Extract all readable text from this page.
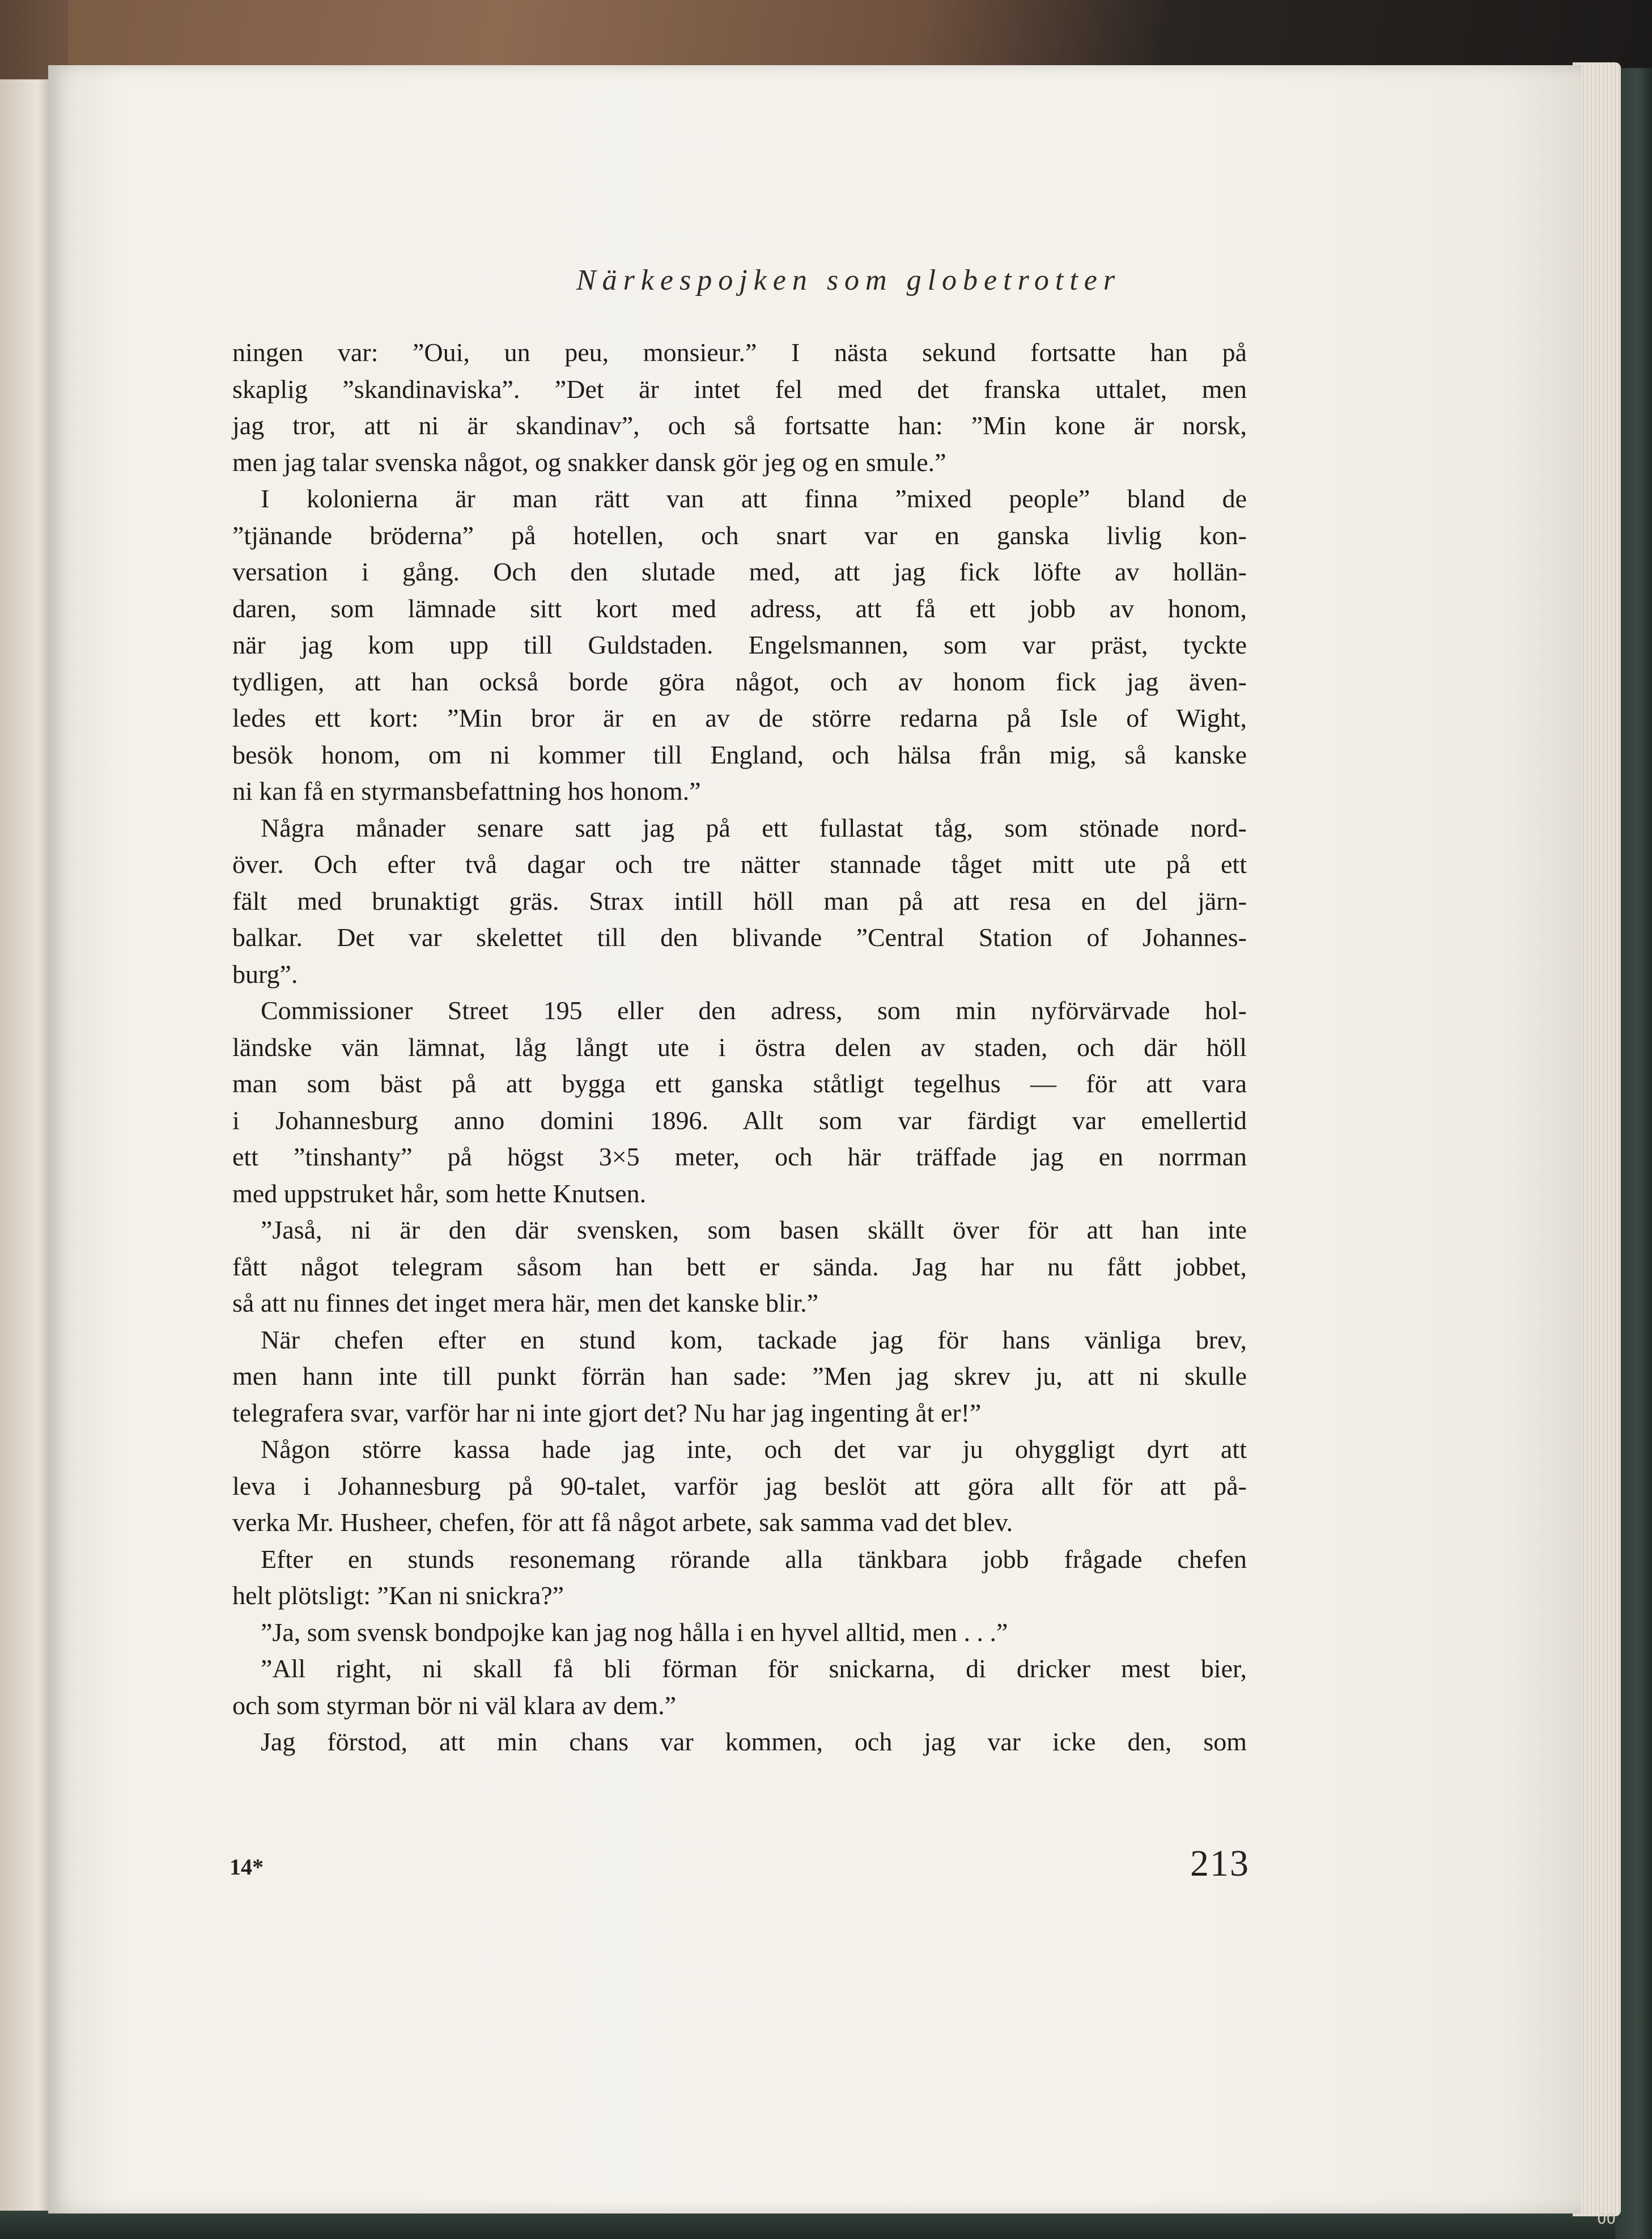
Närkespojken som globetrotter
ningen var: ”Oui, un peu, monsieur.” I nästa sekund fortsatte han på
skaplig ”skandinaviska”. ”Det är intet fel med det franska uttalet, men
jag tror, att ni är skandinav”, och så fortsatte han: ”Min kone är norsk,
men jag talar svenska något, og snakker dansk gör jeg og en smule.”
I kolonierna är man rätt van att finna ”mixed people” bland de
”tjänande bröderna” på hotellen, och snart var en ganska livlig kon-
versation i gång. Och den slutade med, att jag fick löfte av hollän-
daren, som lämnade sitt kort med adress, att få ett jobb av honom,
när jag kom upp till Guldstaden. Engelsmannen, som var präst, tyckte
tydligen, att han också borde göra något, och av honom fick jag även-
ledes ett kort: ”Min bror är en av de större redarna på Isle of Wight,
besök honom, om ni kommer till England, och hälsa från mig, så kanske
ni kan få en styrmansbefattning hos honom.”
Några månader senare satt jag på ett fullastat tåg, som stönade nord-
över. Och efter två dagar och tre nätter stannade tåget mitt ute på ett
fält med brunaktigt gräs. Strax intill höll man på att resa en del järn-
balkar. Det var skelettet till den blivande ”Central Station of Johannes-
burg”.
Commissioner Street 195 eller den adress, som min nyförvärvade hol-
ländske vän lämnat, låg långt ute i östra delen av staden, och där höll
man som bäst på att bygga ett ganska ståtligt tegelhus — för att vara
i Johannesburg anno domini 1896. Allt som var färdigt var emellertid
ett ”tinshanty” på högst 3×5 meter, och här träffade jag en norrman
med uppstruket hår, som hette Knutsen.
”Jaså, ni är den där svensken, som basen skällt över för att han inte
fått något telegram såsom han bett er sända. Jag har nu fått jobbet,
så att nu finnes det inget mera här, men det kanske blir.”
När chefen efter en stund kom, tackade jag för hans vänliga brev,
men hann inte till punkt förrän han sade: ”Men jag skrev ju, att ni skulle
telegrafera svar, varför har ni inte gjort det? Nu har jag ingenting åt er!”
Någon större kassa hade jag inte, och det var ju ohyggligt dyrt att
leva i Johannesburg på 90-talet, varför jag beslöt att göra allt för att på-
verka Mr. Husheer, chefen, för att få något arbete, sak samma vad det blev.
Efter en stunds resonemang rörande alla tänkbara jobb frågade chefen
helt plötsligt: ”Kan ni snickra?”
”Ja, som svensk bondpojke kan jag nog hålla i en hyvel alltid, men . . .”
”All right, ni skall få bli förman för snickarna, di dricker mest bier,
och som styrman bör ni väl klara av dem.”
Jag förstod, att min chans var kommen, och jag var icke den, som
14*	213
00
